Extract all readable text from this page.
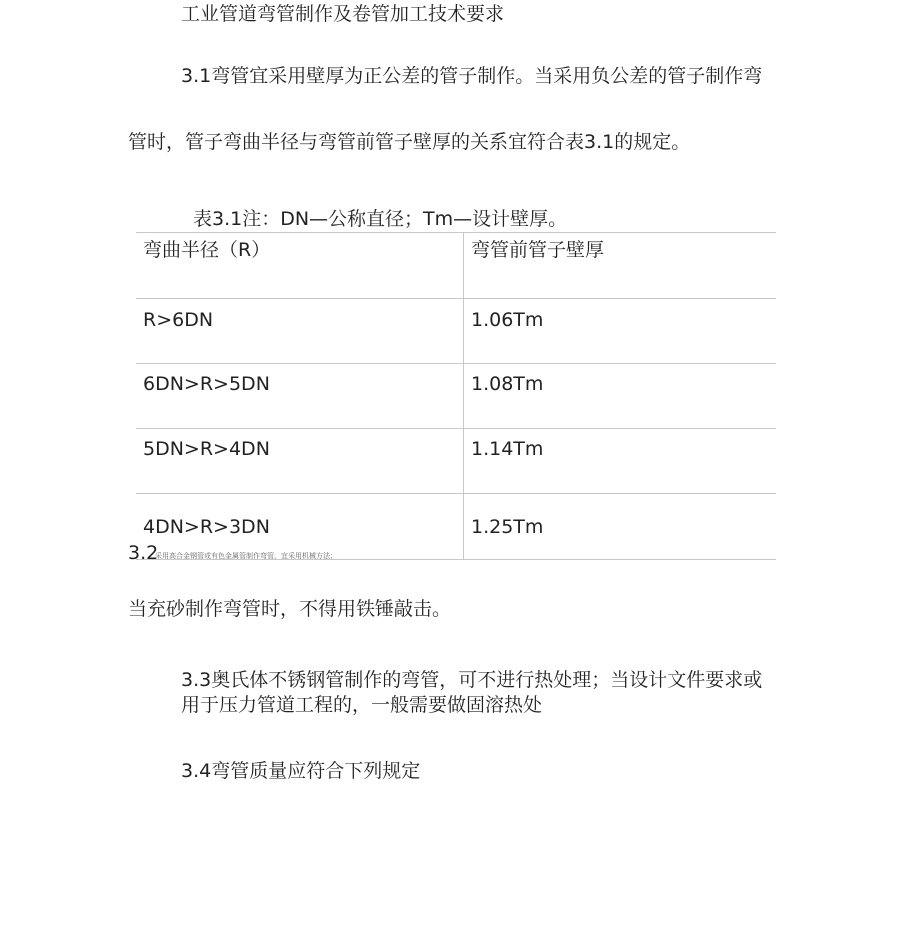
工业管道弯管制作及卷管加工技术要求
3.1弯管宜采用壁厚为正公差的管子制作。当采用负公差的管子制作弯
管时，管子弯曲半径与弯管前管子壁厚的关系宜符合表3.1的规定。
表3.1注：DN—公称直径；Tm—设计壁厚。
弯曲半径（R）	弯管前管子壁厚
R>6DN	1.06Tm
6DN>R>5DN	1.08Tm
5DN>R>4DN	1.14Tm
4DN>R>3DN	1.25Tm
3.2
采用高合金钢管或有色金属管制作弯管，宜采用机械方法；
当充砂制作弯管时，不得用铁锤敲击。
3.3奥氏体不锈钢管制作的弯管，可不进行热处理；当设计文件要求或
用于压力管道工程的，一般需要做固溶热处
3.4弯管质量应符合下列规定
